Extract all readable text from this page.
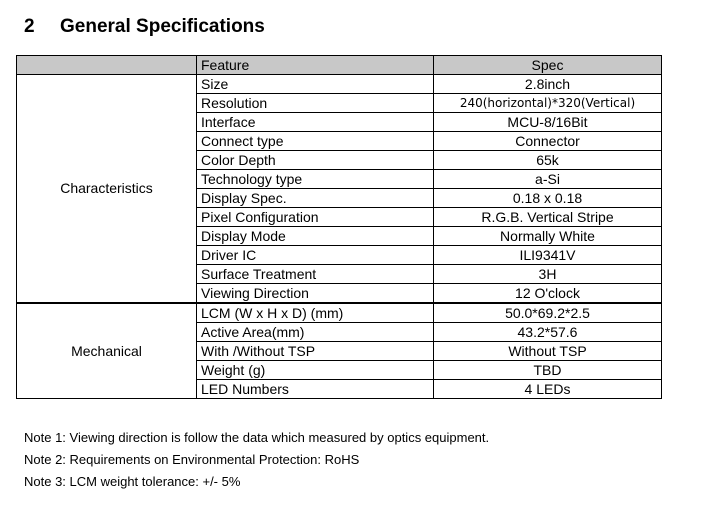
2 General Specifications
	Feature	Spec
Characteristics	Size	2.8inch
	Resolution	240(horizontal)*320(Vertical)
	Interface	MCU-8/16Bit
	Connect type	Connector
	Color Depth	65k
	Technology type	a-Si
	Display Spec.	0.18 x 0.18
	Pixel Configuration	R.G.B. Vertical Stripe
	Display Mode	Normally White
	Driver IC	ILI9341V
	Surface Treatment	3H
	Viewing Direction	12 O'clock
Mechanical	LCM (W x H x D) (mm)	50.0*69.2*2.5
	Active Area(mm)	43.2*57.6
	With /Without TSP	Without TSP
	Weight (g)	TBD
	LED Numbers	4 LEDs
Note 1: Viewing direction is follow the data which measured by optics equipment.
Note 2: Requirements on Environmental Protection: RoHS
Note 3: LCM weight tolerance: +/- 5%
